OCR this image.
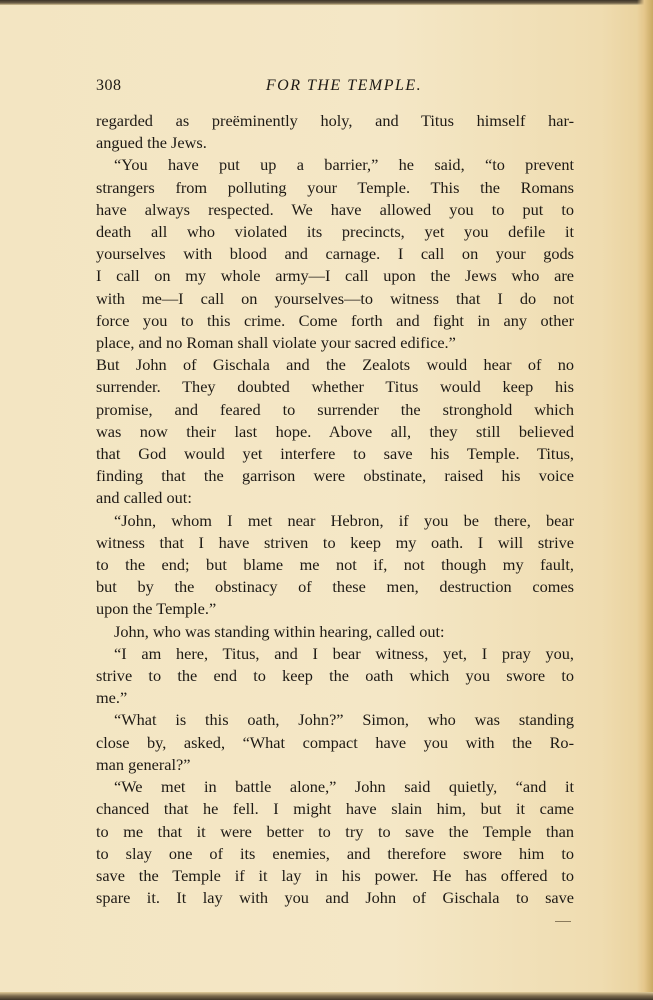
308	FOR THE TEMPLE.
regarded as preëminently holy, and Titus himself har-
angued the Jews.
“You have put up a barrier,” he said, “to prevent
strangers from polluting your Temple. This the Romans
have always respected. We have allowed you to put to
death all who violated its precincts, yet you defile it
yourselves with blood and carnage. I call on your gods
I call on my whole army—I call upon the Jews who are
with me—I call on yourselves—to witness that I do not
force you to this crime. Come forth and fight in any other
place, and no Roman shall violate your sacred edifice.”
But John of Gischala and the Zealots would hear of no
surrender. They doubted whether Titus would keep his
promise, and feared to surrender the stronghold which
was now their last hope. Above all, they still believed
that God would yet interfere to save his Temple. Titus,
finding that the garrison were obstinate, raised his voice
and called out:
“John, whom I met near Hebron, if you be there, bear
witness that I have striven to keep my oath. I will strive
to the end; but blame me not if, not though my fault,
but by the obstinacy of these men, destruction comes
upon the Temple.”
John, who was standing within hearing, called out:
“I am here, Titus, and I bear witness, yet, I pray you,
strive to the end to keep the oath which you swore to
me.”
“What is this oath, John?” Simon, who was standing
close by, asked, “What compact have you with the Ro-
man general?”
“We met in battle alone,” John said quietly, “and it
chanced that he fell. I might have slain him, but it came
to me that it were better to try to save the Temple than
to slay one of its enemies, and therefore swore him to
save the Temple if it lay in his power. He has offered to
spare it. It lay with you and John of Gischala to save
